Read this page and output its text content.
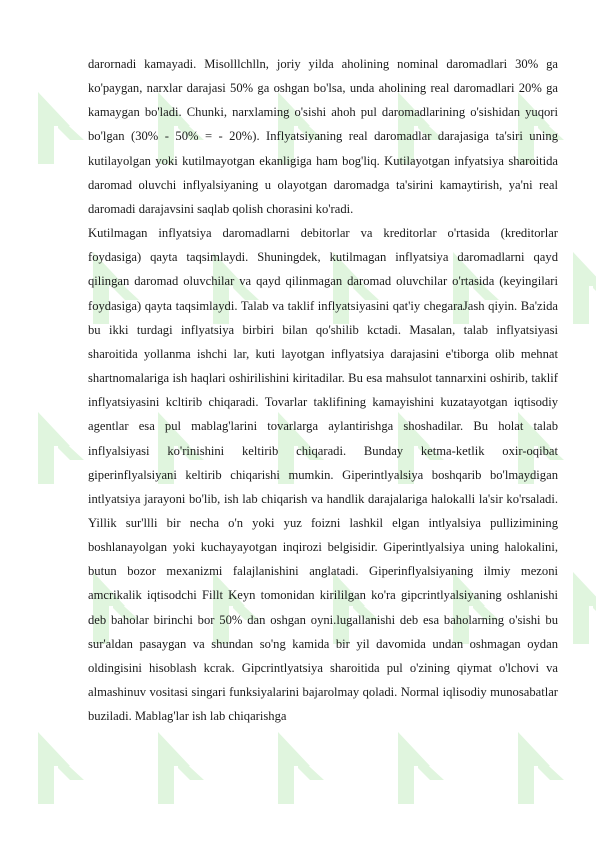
darornadi kamayadi. Misolllchlln, joriy yilda aholining nominal daromadlari 30% ga ko'paygan, narxlar darajasi 50% ga oshgan bo'lsa, unda aholining real daromadlari 20% ga kamaygan bo'ladi. Chunki, narxlaming o'sishi ahoh pul daromadlarining o'sishidan yuqori bo'lgan (30% - 50% = - 20%). Inflyatsiyaning real daromadlar darajasiga ta'siri uning kutilayolgan yoki kutilmayotgan ekanligiga ham bog'liq. Kutilayotgan infyatsiya sharoitida daromad oluvchi inflyalsiyaning u olayotgan daromadga ta'sirini kamaytirish, ya'ni real daromadi darajavsini saqlab qolish chorasini ko'radi.

Kutilmagan inflyatsiya daromadlarni debitorlar va kreditorlar o'rtasida (kreditorlar foydasiga) qayta taqsimlaydi. Shuningdek, kutilmagan inflyatsiya daromadlarni qayd qilingan daromad oluvchilar va qayd qilinmagan daromad oluvchilar o'rtasida (keyingilari foydasiga) qayta taqsimlaydi. Talab va taklif inflyatsiyasini qat'iy chegaraJash qiyin. Ba'zida bu ikki turdagi inflyatsiya birbiri bilan qo'shilib kctadi. Masalan, talab inflyatsiyasi sharoitida yollanma ishchi lar, kuti layotgan inflyatsiya darajasini e'tiborga olib mehnat shartnomalariga ish haqlari oshirilishini kiritadilar. Bu esa mahsulot tannarxini oshirib, taklif inflyatsiyasini kcltirib chiqaradi. Tovarlar taklifining kamayishini kuzatayotgan iqtisodiy agentlar esa pul mablag'larini tovarlarga aylantirishga shoshadilar. Bu holat talab inflyalsiyasi ko'rinishini keltirib chiqaradi. Bunday ketma-ketlik oxir-oqibat giperinflyalsiyani keltirib chiqarishi mumkin. Giperintlyalsiya boshqarib bo'lmaydigan intlyatsiya jarayoni bo'lib, ish lab chiqarish va handlik darajalariga halokalli la'sir ko'rsaladi. Yillik sur'llli bir necha o'n yoki yuz foizni lashkil elgan intlyalsiya pullizimining boshlanayolgan yoki kuchayayotgan inqirozi belgisidir. Giperintlyalsiya uning halokalini, butun bozor mexanizmi falajlanishini anglatadi. Giperinflyalsiyaning ilmiy mezoni amcrikalik iqtisodchi Fillt Keyn tomonidan kirililgan ko'ra gipcrintlyalsiyaning oshlanishi deb baholar birinchi bor 50% dan oshgan oyni.lugallanishi deb esa baholarning o'sishi bu sur'aldan pasaygan va shundan so'ng kamida bir yil davomida undan oshmagan oydan oldingisini hisoblash kcrak. Gipcrintlyatsiya sharoitida pul o'zining qiymat o'lchovi va almashinuv vositasi singari funksiyalarini bajarolmay qoladi. Normal iqlisodiy munosabatlar buziladi. Mablag'lar ish lab chiqarishga
